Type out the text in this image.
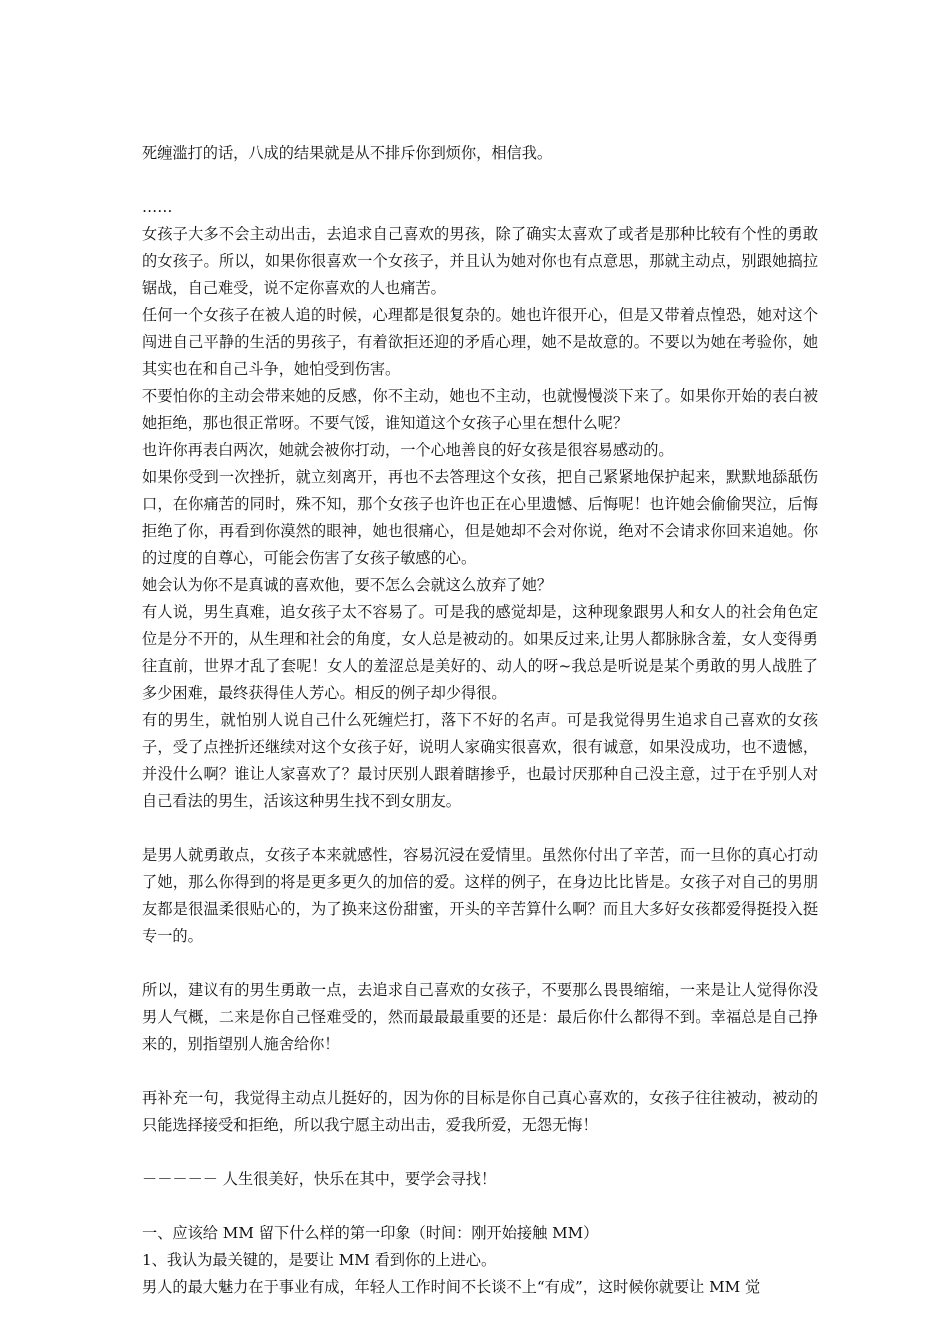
死缠滥打的话，八成的结果就是从不排斥你到烦你，相信我。

……

女孩子大多不会主动出击，去追求自己喜欢的男孩，除了确实太喜欢了或者是那种比较有个性的勇敢的女孩子。所以，如果你很喜欢一个女孩子，并且认为她对你也有点意思，那就主动点，别跟她搞拉锯战，自己难受，说不定你喜欢的人也痛苦。

任何一个女孩子在被人追的时候，心理都是很复杂的。她也许很开心，但是又带着点惶恐，她对这个闯进自己平静的生活的男孩子，有着欲拒还迎的矛盾心理，她不是故意的。不要以为她在考验你，她其实也在和自己斗争，她怕受到伤害。

不要怕你的主动会带来她的反感，你不主动，她也不主动，也就慢慢淡下来了。如果你开始的表白被她拒绝，那也很正常呀。不要气馁，谁知道这个女孩子心里在想什么呢？

也许你再表白两次，她就会被你打动，一个心地善良的好女孩是很容易感动的。

如果你受到一次挫折，就立刻离开，再也不去答理这个女孩，把自己紧紧地保护起来，默默地舔舐伤口，在你痛苦的同时，殊不知，那个女孩子也许也正在心里遗憾、后悔呢！也许她会偷偷哭泣，后悔拒绝了你，再看到你漠然的眼神，她也很痛心，但是她却不会对你说，绝对不会请求你回来追她。你的过度的自尊心，可能会伤害了女孩子敏感的心。

她会认为你不是真诚的喜欢他，要不怎么会就这么放弃了她？

有人说，男生真难，追女孩子太不容易了。可是我的感觉却是，这种现象跟男人和女人的社会角色定位是分不开的，从生理和社会的角度，女人总是被动的。如果反过来,让男人都脉脉含羞，女人变得勇往直前，世界才乱了套呢！女人的羞涩总是美好的、动人的呀~我总是听说是某个勇敢的男人战胜了多少困难，最终获得佳人芳心。相反的例子却少得很。

有的男生，就怕别人说自己什么死缠烂打，落下不好的名声。可是我觉得男生追求自己喜欢的女孩子，受了点挫折还继续对这个女孩子好，说明人家确实很喜欢，很有诚意，如果没成功，也不遗憾，并没什么啊？谁让人家喜欢了？最讨厌别人跟着瞎掺乎，也最讨厌那种自己没主意，过于在乎别人对自己看法的男生，活该这种男生找不到女朋友。

是男人就勇敢点，女孩子本来就感性，容易沉浸在爱情里。虽然你付出了辛苦，而一旦你的真心打动了她，那么你得到的将是更多更久的加倍的爱。这样的例子，在身边比比皆是。女孩子对自己的男朋友都是很温柔很贴心的，为了换来这份甜蜜，开头的辛苦算什么啊？而且大多好女孩都爱得挺投入挺专一的。

所以，建议有的男生勇敢一点，去追求自己喜欢的女孩子，不要那么畏畏缩缩，一来是让人觉得你没男人气概，二来是你自己怪难受的，然而最最最重要的还是：最后你什么都得不到。幸福总是自己挣来的，别指望别人施舍给你！

再补充一句，我觉得主动点儿挺好的，因为你的目标是你自己真心喜欢的，女孩子往往被动，被动的只能选择接受和拒绝，所以我宁愿主动出击，爱我所爱，无怨无悔！

－－－－－ 人生很美好，快乐在其中，要学会寻找！

一、应该给 MM 留下什么样的第一印象（时间：刚开始接触 MM）

1、我认为最关键的，是要让 MM 看到你的上进心。

男人的最大魅力在于事业有成，年轻人工作时间不长谈不上“有成”，这时候你就要让 MM 觉
